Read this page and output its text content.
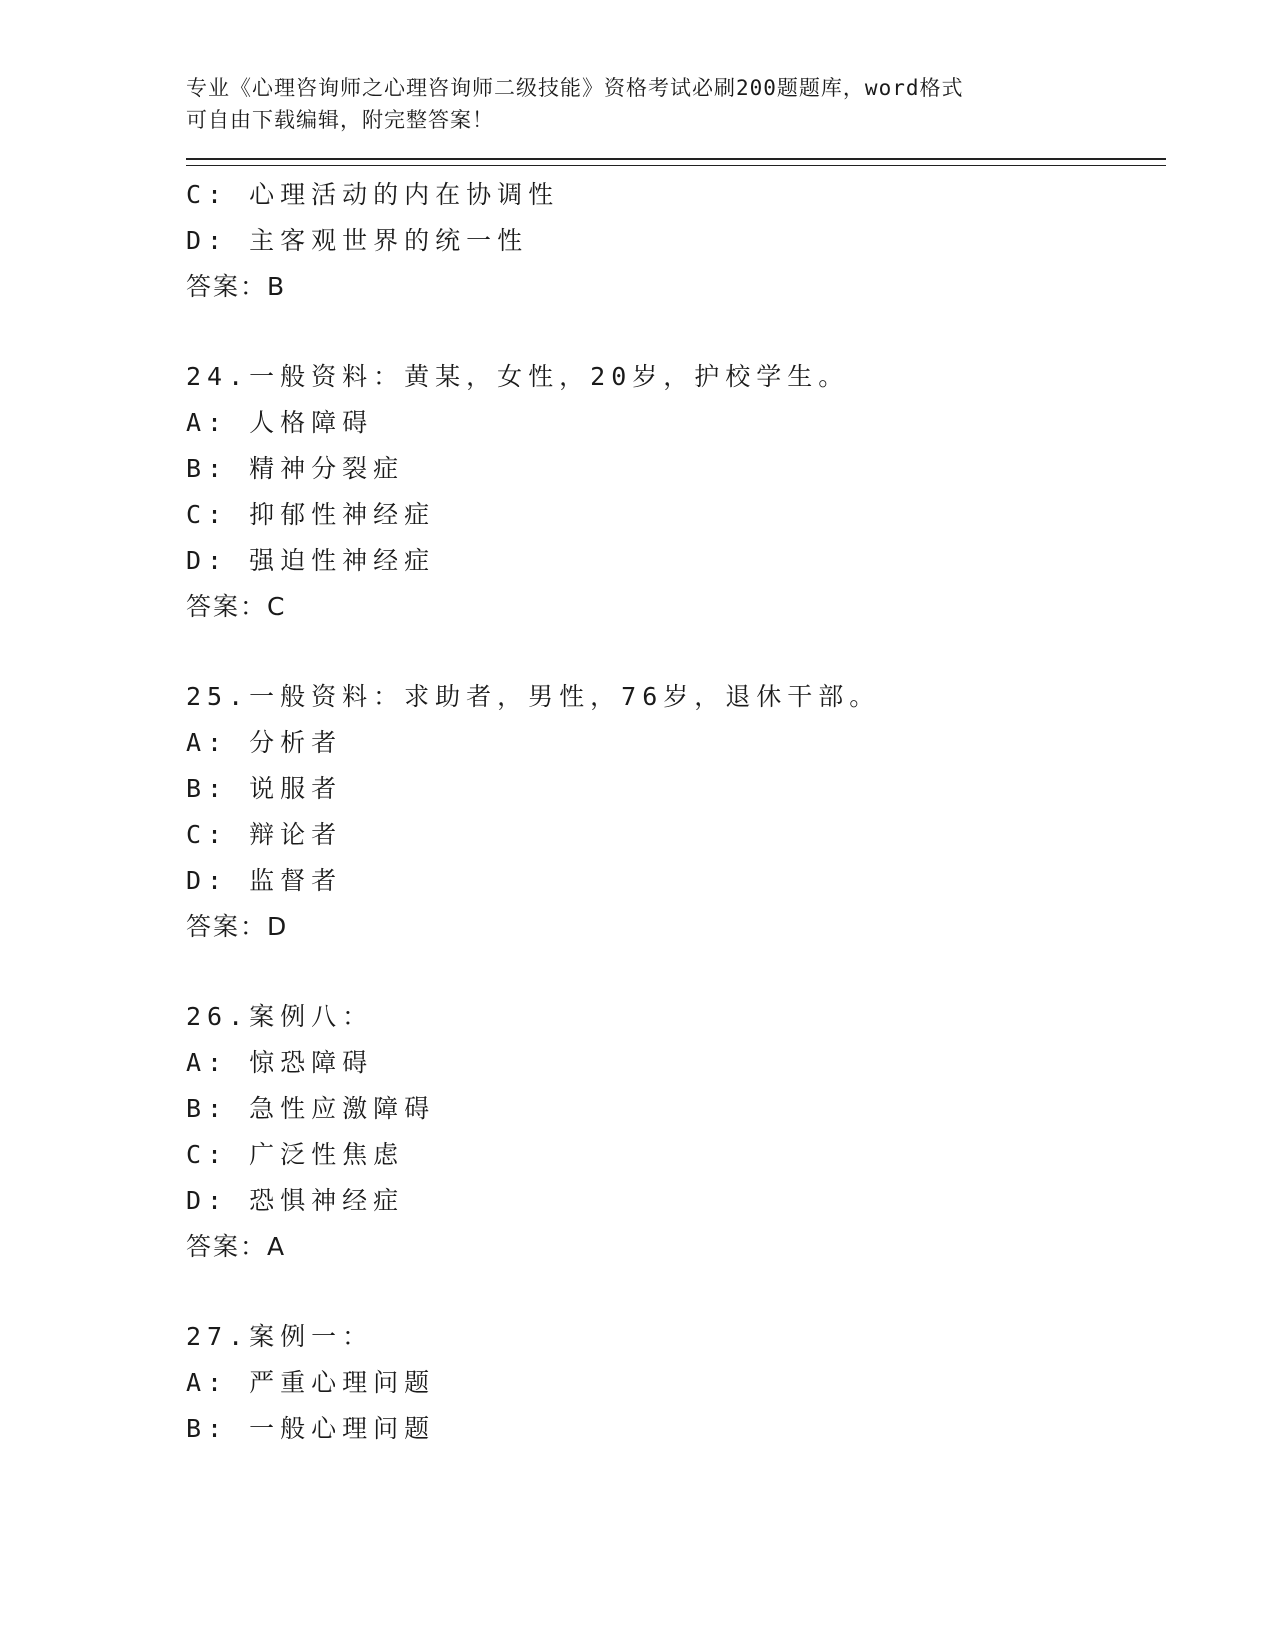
专业《心理咨询师之心理咨询师二级技能》资格考试必刷200题题库，word格式
可自由下载编辑，附完整答案！
C: 心理活动的内在协调性
D: 主客观世界的统一性
答案：B
24.一般资料：黄某，女性，20岁，护校学生。
A: 人格障碍
B: 精神分裂症
C: 抑郁性神经症
D: 强迫性神经症
答案：C
25.一般资料：求助者，男性，76岁，退休干部。
A: 分析者
B: 说服者
C: 辩论者
D: 监督者
答案：D
26.案例八：
A: 惊恐障碍
B: 急性应激障碍
C: 广泛性焦虑
D: 恐惧神经症
答案：A
27.案例一：
A: 严重心理问题
B: 一般心理问题
